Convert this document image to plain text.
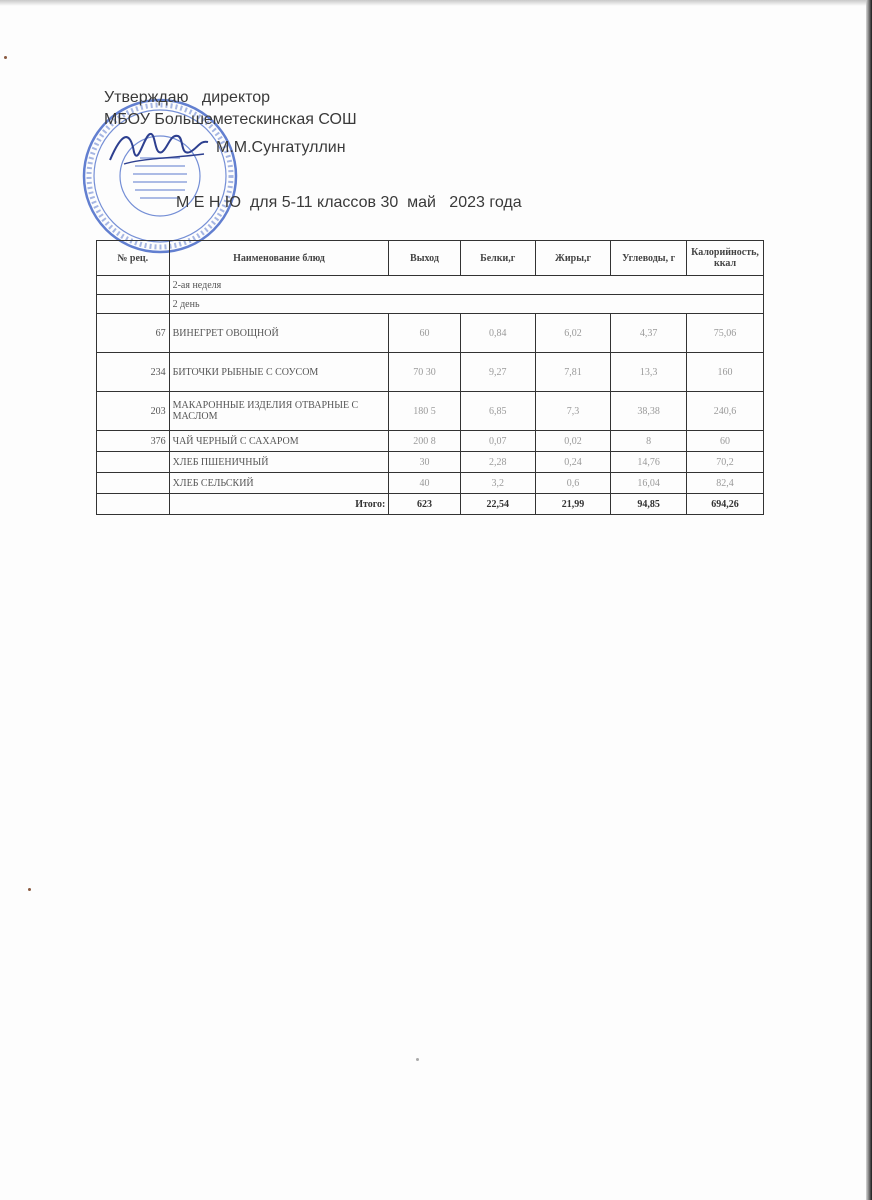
Утверждаю   директор
МБОУ Большеметескинская СОШ
М.М.Сунгатуллин
М Е Н Ю  для 5-11 классов 30  май   2023 года
№ рец.	Наименование блюд	Выход	Белки,г	Жиры,г	Углеводы, г	Калорийность, ккал
	2-ая неделя					
	2 день					
67	ВИНЕГРЕТ ОВОЩНОЙ	60	0,84	6,02	4,37	75,06
234	БИТОЧКИ РЫБНЫЕ С СОУСОМ	70 30	9,27	7,81	13,3	160
203	МАКАРОННЫЕ ИЗДЕЛИЯ ОТВАРНЫЕ С МАСЛОМ	180 5	6,85	7,3	38,38	240,6
376	ЧАЙ ЧЕРНЫЙ С САХАРОМ	200 8	0,07	0,02	8	60
	ХЛЕБ ПШЕНИЧНЫЙ	30	2,28	0,24	14,76	70,2
	ХЛЕБ СЕЛЬСКИЙ	40	3,2	0,6	16,04	82,4
	Итого:	623	22,54	21,99	94,85	694,26
